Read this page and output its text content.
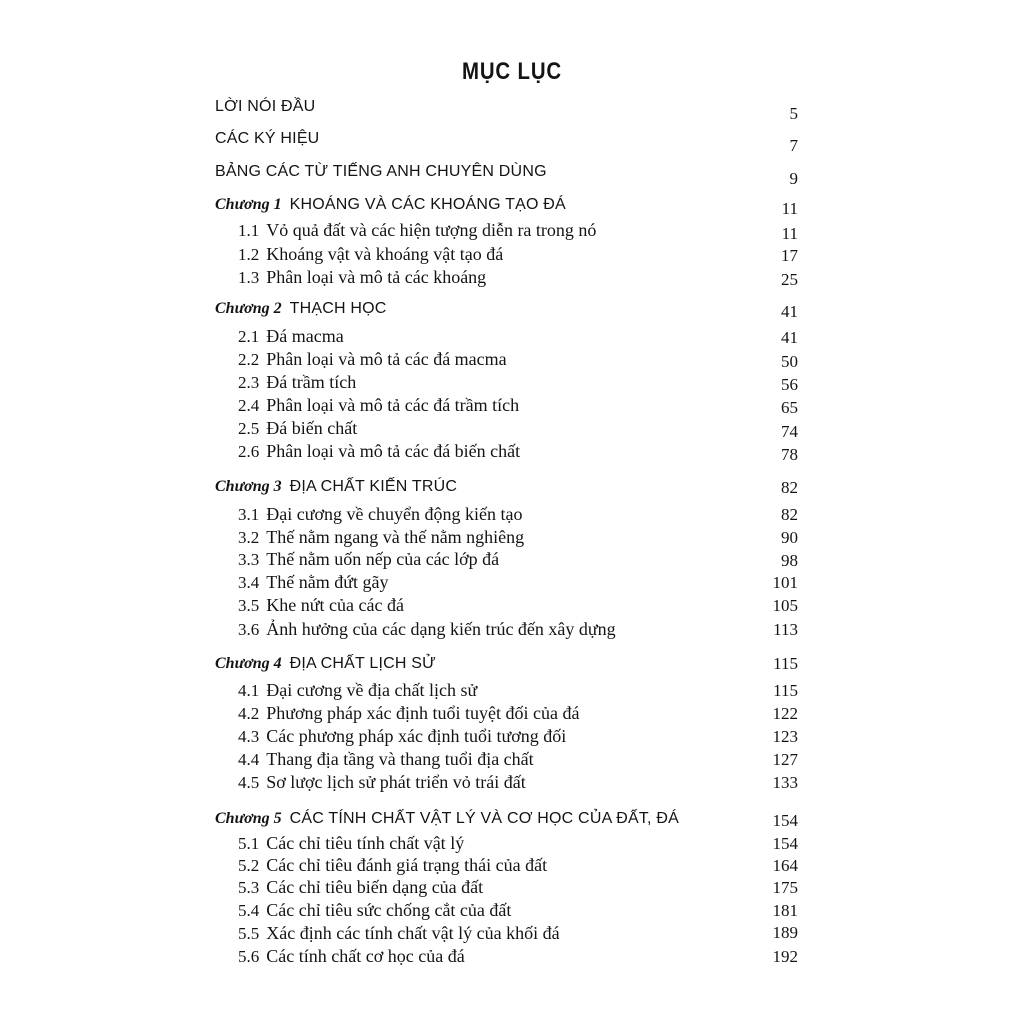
MỤC LỤC
LỜI NÓI ĐẦU	5
CÁC KÝ HIỆU	7
BẢNG CÁC TỪ TIẾNG ANH CHUYÊN DÙNG	9
Chương 1 KHOÁNG VÀ CÁC KHOÁNG TẠO ĐÁ	11
1.1 Vỏ quả đất và các hiện tượng diễn ra trong nó	11
1.2 Khoáng vật và khoáng vật tạo đá	17
1.3 Phân loại và mô tả các khoáng	25
Chương 2 THẠCH HỌC	41
2.1 Đá macma	41
2.2 Phân loại và mô tả các đá macma	50
2.3 Đá trầm tích	56
2.4 Phân loại và mô tả các đá trầm tích	65
2.5 Đá biến chất	74
2.6 Phân loại và mô tả các đá biến chất	78
Chương 3 ĐỊA CHẤT KIẾN TRÚC	82
3.1 Đại cương về chuyển động kiến tạo	82
3.2 Thế nằm ngang và thế nằm nghiêng	90
3.3 Thế nằm uốn nếp của các lớp đá	98
3.4 Thế nằm đứt gãy	101
3.5 Khe nứt của các đá	105
3.6 Ảnh hưởng của các dạng kiến trúc đến xây dựng	113
Chương 4 ĐỊA CHẤT LỊCH SỬ	115
4.1 Đại cương về địa chất lịch sử	115
4.2 Phương pháp xác định tuổi tuyệt đối của đá	122
4.3 Các phương pháp xác định tuổi tương đối	123
4.4 Thang địa tầng và thang tuổi địa chất	127
4.5 Sơ lược lịch sử phát triển vỏ trái đất	133
Chương 5 CÁC TÍNH CHẤT VẬT LÝ VÀ CƠ HỌC CỦA ĐẤT, ĐÁ	154
5.1 Các chỉ tiêu tính chất vật lý	154
5.2 Các chỉ tiêu đánh giá trạng thái của đất	164
5.3 Các chỉ tiêu biến dạng của đất	175
5.4 Các chỉ tiêu sức chống cắt của đất	181
5.5 Xác định các tính chất vật lý của khối đá	189
5.6 Các tính chất cơ học của đá	192
